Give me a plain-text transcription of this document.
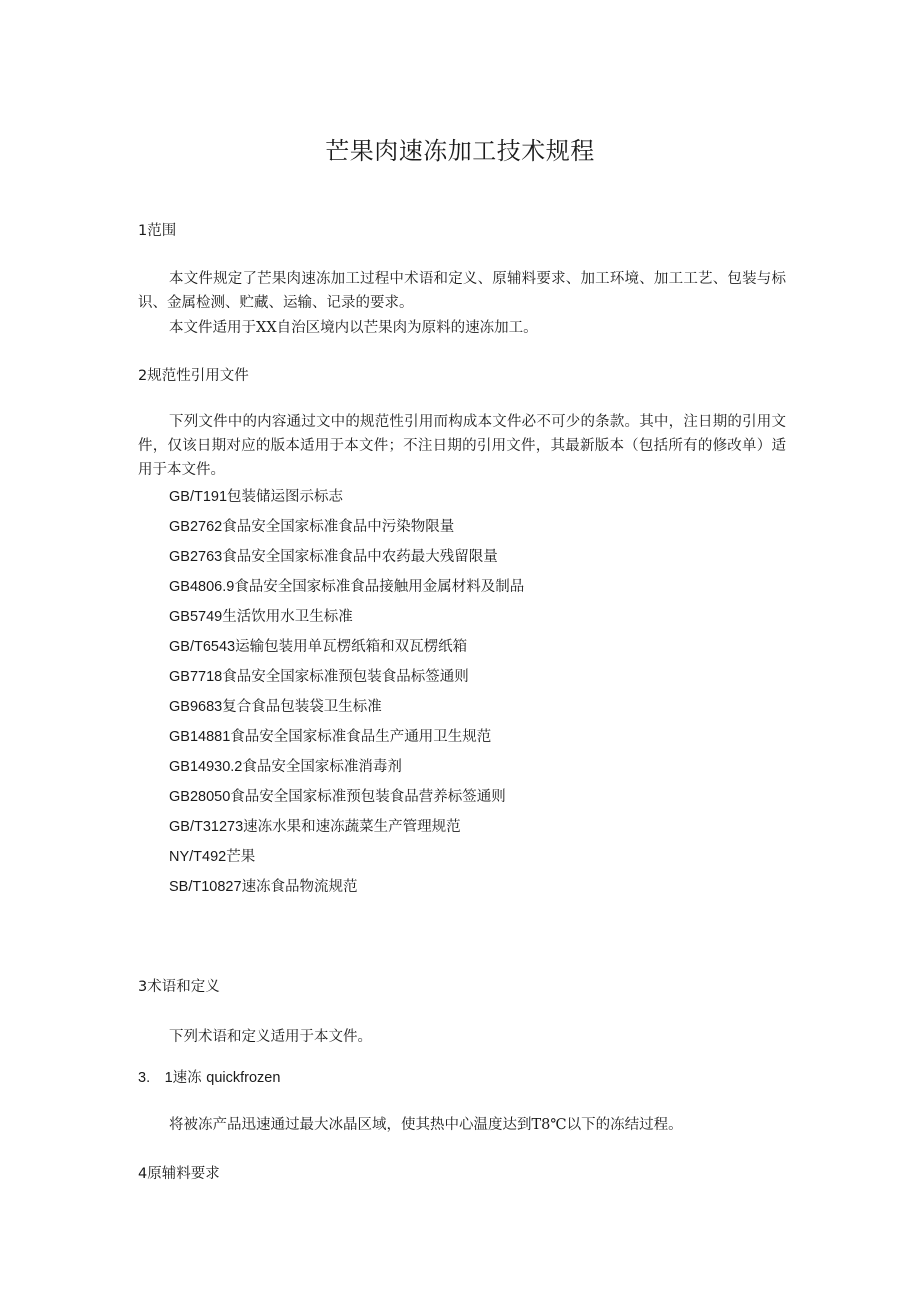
芒果肉速冻加工技术规程
1范围
本文件规定了芒果肉速冻加工过程中术语和定义、原辅料要求、加工环境、加工工艺、包装与标识、金属检测、贮藏、运输、记录的要求。
本文件适用于XX自治区境内以芒果肉为原料的速冻加工。
2规范性引用文件
下列文件中的内容通过文中的规范性引用而构成本文件必不可少的条款。其中，注日期的引用文件，仅该日期对应的版本适用于本文件；不注日期的引用文件，其最新版本（包括所有的修改单）适用于本文件。
GB/T191包装储运图示标志
GB2762食品安全国家标准食品中污染物限量
GB2763食品安全国家标准食品中农药最大残留限量
GB4806.9食品安全国家标准食品接触用金属材料及制品
GB5749生活饮用水卫生标准
GB/T6543运输包装用单瓦楞纸箱和双瓦楞纸箱
GB7718食品安全国家标准预包装食品标签通则
GB9683复合食品包装袋卫生标准
GB14881食品安全国家标准食品生产通用卫生规范
GB14930.2食品安全国家标准消毒剂
GB28050食品安全国家标准预包装食品营养标签通则
GB/T31273速冻水果和速冻蔬菜生产管理规范
NY/T492芒果
SB/T10827速冻食品物流规范
3术语和定义
下列术语和定义适用于本文件。
3.　1速冻 quickfrozen
将被冻产品迅速通过最大冰晶区域，使其热中心温度达到T8℃以下的冻结过程。
4原辅料要求
